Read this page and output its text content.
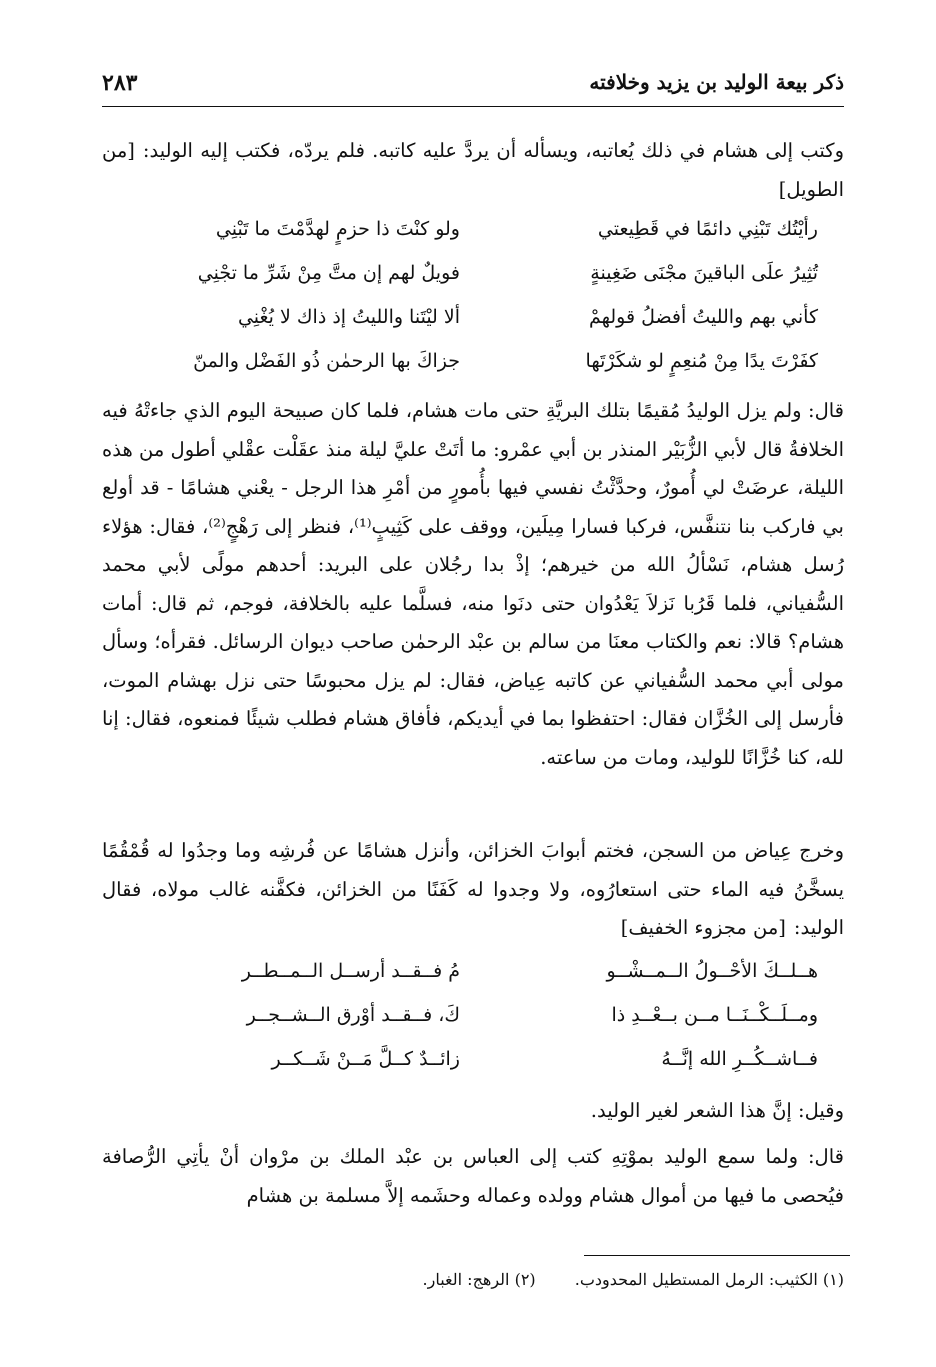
ذكر بيعة الوليد بن يزيد وخلافته
٢٨٣

وكتب إلى هشام في ذلك يُعاتبه، ويسأله أن يردَّ عليه كاتبه. فلم يردّه، فكتب إليه الوليد:[من الطويل]

رأيْتُك تَبْنِي دائمًا في قَطِيعتي
ولو كنْتَ ذا حزمٍ لهدَّمْتَ ما تَبْنِي
تُثِيرُ علَى الباقينَ مجْنَى ضَغِينةٍ
فويلٌ لهم إن متَّ مِنْ شَرِّ ما تجْنِي
كأني بهم والليتُ أفضلُ قولهمْ
ألا ليْتَنا والليتُ إذ ذاك لا يُغْنِي
كفَرْتَ يدًا مِنْ مُنعِمٍ لو شكَرْتَها
جزاكَ بها الرحمٰن ذُو الفَضْل والمنّ

قال: ولم يزل الوليدُ مُقيمًا بتلك البريَّةِ حتى مات هشام، فلما كان صبيحة اليوم الذي جاءتْهُ فيه الخلافةُ قال لأبي الزُّبَيْر المنذر بن أبي عمْرو: ما أتَتْ عليَّ ليلة منذ عقَلْت عقْلي أطول من هذه الليلة، عرضَتْ لي أُمورٌ، وحدَّثْتُ نفسي فيها بأُمورٍ من أمْرِ هذا الرجل - يعْني هشامًا - قد أولع بي فاركب بنا نتنفَّس، فركبا فسارا مِيلَين، ووقف على كَثِيبٍ⁽¹⁾، فنظر إلى رَهْجٍ⁽²⁾، فقال: هؤلاء رُسل هشام، نَسْألُ الله من خيرهم؛ إذْ بدا رجُلان على البريد: أحدهم مولًى لأبي محمد السُّفياني، فلما قَرُبا نَزلاَ يَعْدُوان حتى دنَوا منه، فسلَّما عليه بالخلافة، فوجم، ثم قال: أمات هشام؟ قالا: نعم والكتاب معنَا من سالم بن عبْد الرحمٰن صاحب ديوان الرسائل. فقرأه؛ وسأل مولى أبي محمد السُّفياني عن كاتبه عِياض، فقال: لم يزل محبوسًا حتى نزل بهشام الموت، فأرسل إلى الخُزَّان فقال: احتفظوا بما في أيديكم، فأفاق هشام فطلب شيئًا فمنعوه، فقال: إنا لله، كنا خُزَّانًا للوليد، ومات من ساعته.

وخرج عِياض من السجن، فختم أبوابَ الخزائن، وأنزل هشامًا عن فُرشِه وما وجدُوا له قُمْقُمًا يسخَّنُ فيه الماء حتى استعارُوه، ولا وجدوا له كَفَنًا من الخزائن، فكفَّنه غالب مولاه، فقال الوليد:[من مجزوء الخفيف]

هــلــكَ الأحْــولُ الــمــشْــو
مُ فــقــد أرســل الــمــطــر
ومــلَــكْــنَــا مــن بــعْــدِ ذا
كَ، فــقــد أوْرق الــشــجــر
فــاشــكُــرِ الله إنَّــهُ
زائــدٌ كــلَّ مَــنْ شَــكــر

وقيل: إنَّ هذا الشعر لغير الوليد.

قال: ولما سمع الوليد بموْتِهِ كتب إلى العباس بن عبْد الملك بن مرْوان أنْ يأتِي الرُّصافة فيُحصى ما فيها من أموال هشام وولده وعماله وحشَمه إلاَّ مسلمة بن هشام

(١) الكثيب: الرمل المستطيل المحدودب. (٢) الرهج: الغبار.
